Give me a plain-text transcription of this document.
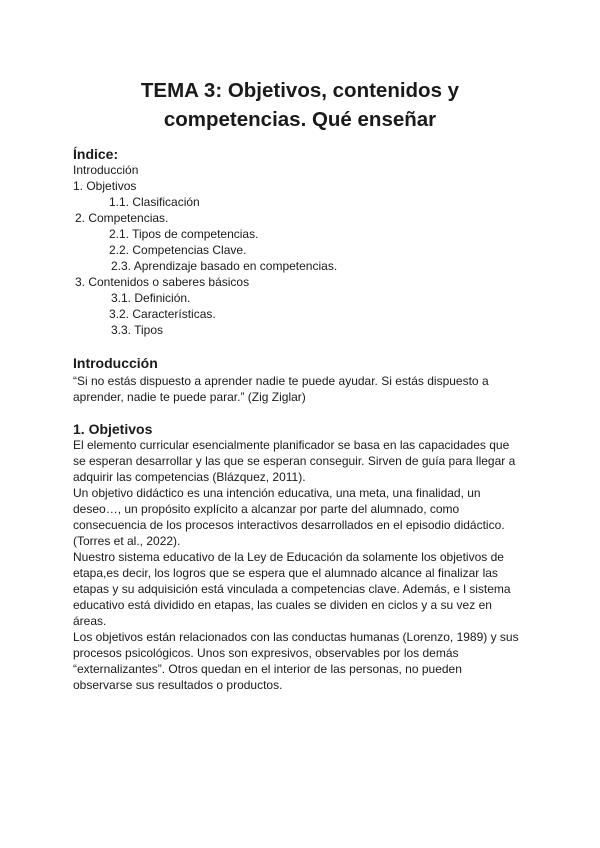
TEMA 3: Objetivos, contenidos y
competencias. Qué enseñar
Índice:
Introducción
1. Objetivos
1.1. Clasificación
2. Competencias.
2.1. Tipos de competencias.
2.2. Competencias Clave.
2.3. Aprendizaje basado en competencias.
3. Contenidos o saberes básicos
3.1. Definición.
3.2. Características.
3.3. Tipos
Introducción

“Si no estás dispuesto a aprender nadie te puede ayudar. Si estás dispuesto a
aprender, nadie te puede parar.” (Zig Ziglar)

1. Objetivos

El elemento curricular esencialmente planificador se basa en las capacidades que
se esperan desarrollar y las que se esperan conseguir. Sirven de guía para llegar a
adquirir las competencias (Blázquez, 2011).
Un objetivo didáctico es una intención educativa, una meta, una finalidad, un
deseo…, un propósito explícito a alcanzar por parte del alumnado, como
consecuencia de los procesos interactivos desarrollados en el episodio didáctico.
(Torres et al., 2022).
Nuestro sistema educativo de la Ley de Educación da solamente los objetivos de
etapa,es decir, los logros que se espera que el alumnado alcance al finalizar las
etapas y su adquisición está vinculada a competencias clave. Además, e l sistema
educativo está dividido en etapas, las cuales se dividen en ciclos y a su vez en
áreas.
Los objetivos están relacionados con las conductas humanas (Lorenzo, 1989) y sus
procesos psicológicos. Unos son expresivos, observables por los demás
“externalizantes”. Otros quedan en el interior de las personas, no pueden
observarse sus resultados o productos.
